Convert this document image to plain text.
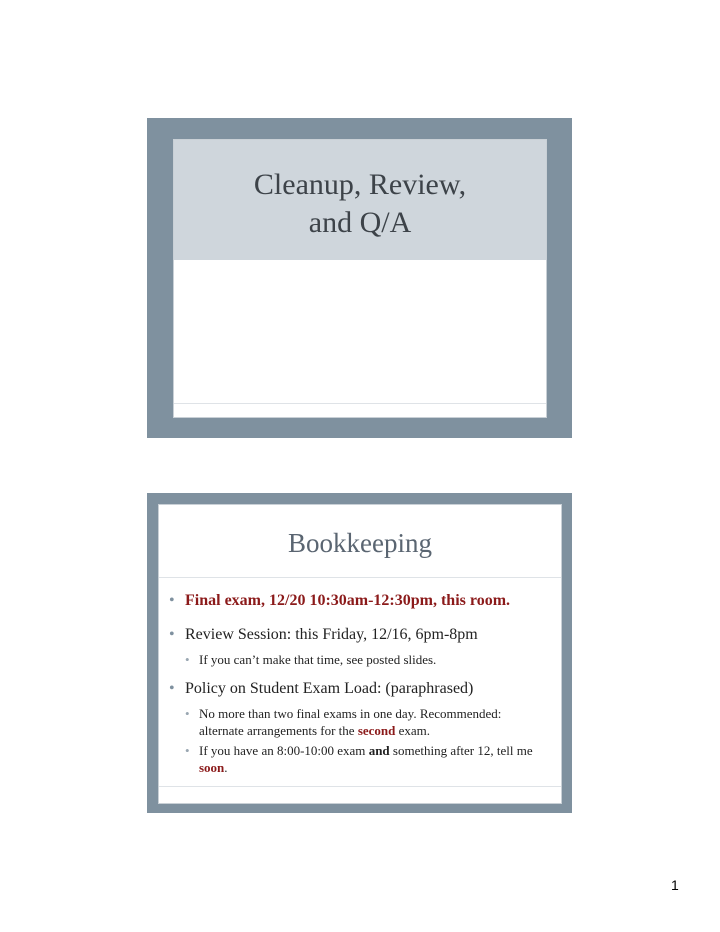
Cleanup, Review,
and Q/A
Bookkeeping
• Final exam, 12/20 10:30am-12:30pm, this room.
• Review Session: this Friday, 12/16, 6pm-8pm
• If you can’t make that time, see posted slides.
• Policy on Student Exam Load: (paraphrased)
• No more than two final exams in one day. Recommended: alternate arrangements for the second exam.
• If you have an 8:00-10:00 exam and something after 12, tell me soon.
1
